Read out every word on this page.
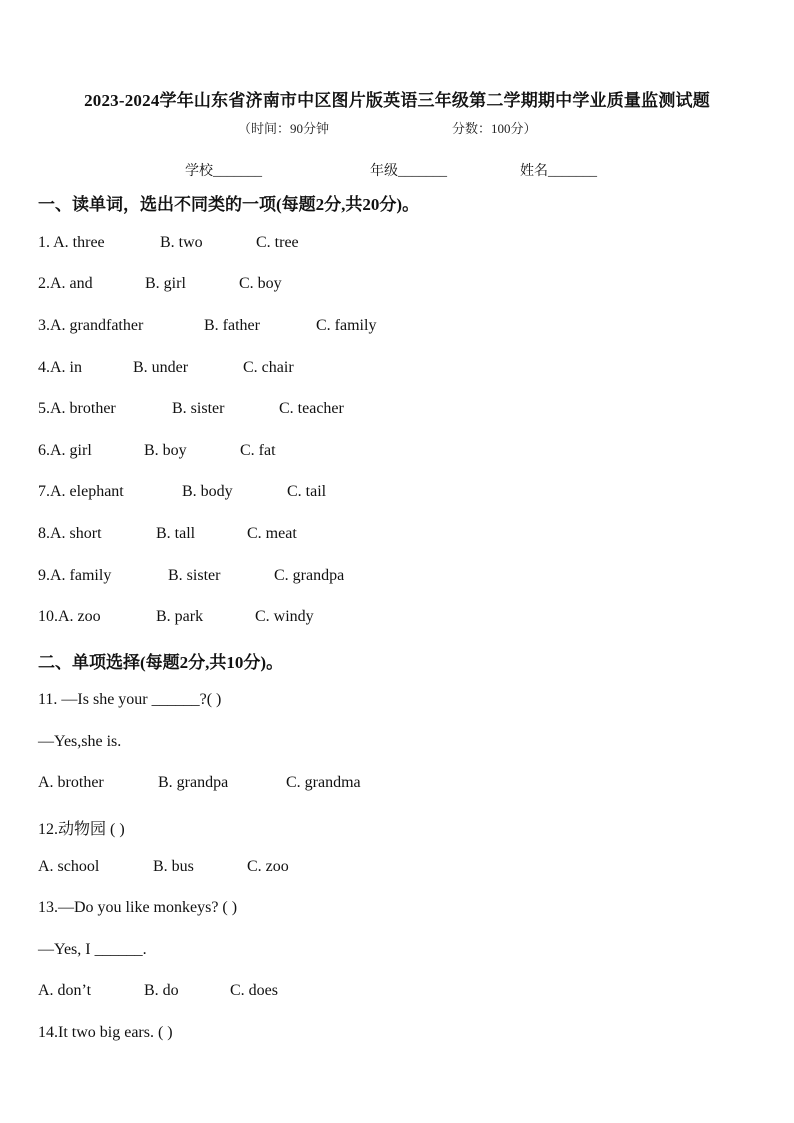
2023-2024学年山东省济南市中区图片版英语三年级第二学期期中学业质量监测试题
（时间：90分钟	分数：100分）
学校_______	年级_______	姓名_______
一、读单词，选出不同类的一项(每题2分,共20分)。
1. A. three	B. two	C. tree
2.A. and	B. girl	C. boy
3.A. grandfather	B. father	C. family
4.A. in	B. under	C. chair
5.A. brother	B. sister	C. teacher
6.A. girl	B. boy	C. fat
7.A. elephant	B. body	C. tail
8.A. short	B. tall	C. meat
9.A. family	B. sister	C. grandpa
10.A. zoo	B. park	C. windy
二、单项选择(每题2分,共10分)。
11. —Is she your ______?( )
—Yes,she is.
A. brother	B. grandpa	C. grandma
12.动物园 ( )
A. school	B. bus	C. zoo
13.—Do you like monkeys? ( )
—Yes, I ______.
A. don’t	B. do	C. does
14.It two big ears. ( )
